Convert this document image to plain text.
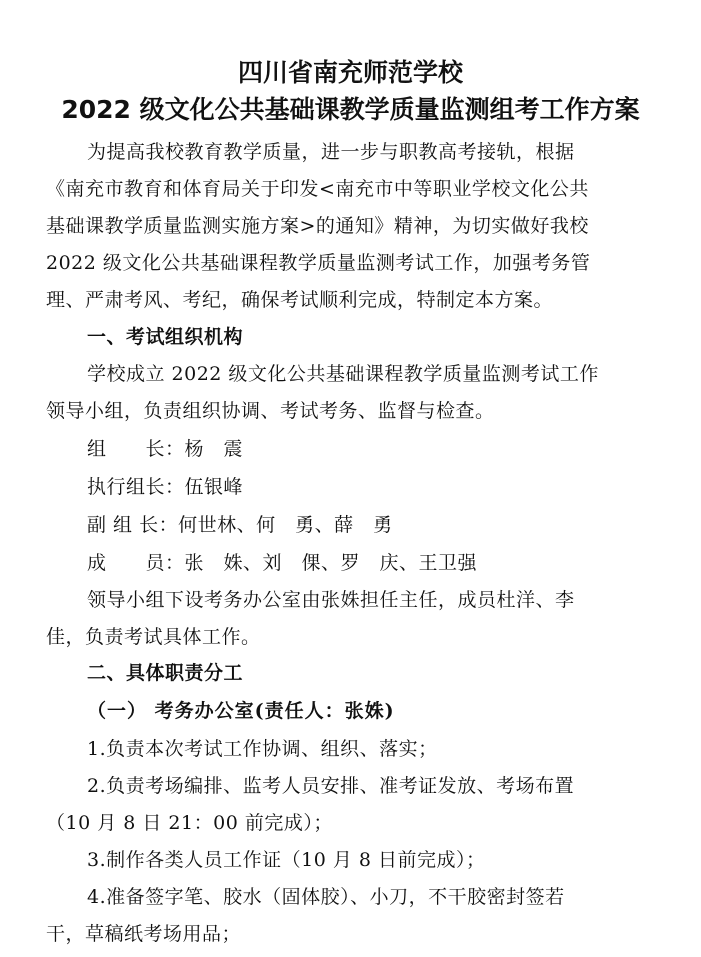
四川省南充师范学校
2022 级文化公共基础课教学质量监测组考工作方案
为提高我校教育教学质量，进一步与职教高考接轨，根据
《南充市教育和体育局关于印发<南充市中等职业学校文化公共
基础课教学质量监测实施方案>的通知》精神，为切实做好我校
2022 级文化公共基础课程教学质量监测考试工作，加强考务管
理、严肃考风、考纪，确保考试顺利完成，特制定本方案。
一、考试组织机构
学校成立 2022 级文化公共基础课程教学质量监测考试工作
领导小组，负责组织协调、考试考务、监督与检查。
组　　长：杨　震
执行组长：伍银峰
副 组 长：何世林、何　勇、薛　勇
成　　员：张　姝、刘　倮、罗　庆、王卫强
领导小组下设考务办公室由张姝担任主任，成员杜洋、李
佳，负责考试具体工作。
二、具体职责分工
（一） 考务办公室(责任人：张姝)
1.负责本次考试工作协调、组织、落实；
2.负责考场编排、监考人员安排、准考证发放、考场布置
（10 月 8 日 21：00 前完成）；
3.制作各类人员工作证（10 月 8 日前完成）；
4.准备签字笔、胶水（固体胶）、小刀，不干胶密封签若
干，草稿纸考场用品；
